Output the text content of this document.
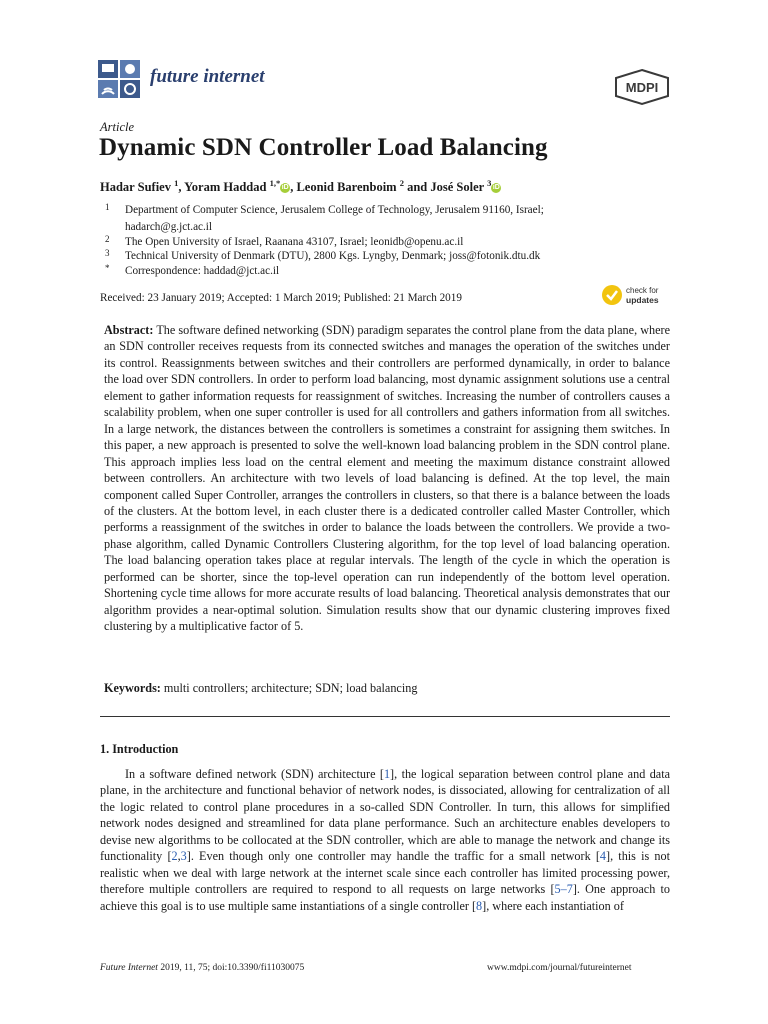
future internet
MDPI
Article
Dynamic SDN Controller Load Balancing
Hadar Sufiev $^1$, Yoram Haddad $^{1,*}$ iD , Leonid Barenboim $^2$ and José Soler $^3$ iD
1 Department of Computer Science, Jerusalem College of Technology, Jerusalem 91160, Israel; hadarch@g.jct.ac.il
2 The Open University of Israel, Raanana 43107, Israel; leonidb@openu.ac.il
3 Technical University of Denmark (DTU), 2800 Kgs. Lyngby, Denmark; joss@fotonik.dtu.dk
* Correspondence: haddad@jct.ac.il
Received: 23 January 2019; Accepted: 1 March 2019; Published: 21 March 2019
check for
updates
Abstract: The software defined networking (SDN) paradigm separates the control plane from the data plane, where an SDN controller receives requests from its connected switches and manages the operation of the switches under its control. Reassignments between switches and their controllers are performed dynamically, in order to balance the load over SDN controllers. In order to perform load balancing, most dynamic assignment solutions use a central element to gather information requests for reassignment of switches. Increasing the number of controllers causes a scalability problem, when one super controller is used for all controllers and gathers information from all switches. In a large network, the distances between the controllers is sometimes a constraint for assigning them switches. In this paper, a new approach is presented to solve the well-known load balancing problem in the SDN control plane. This approach implies less load on the central element and meeting the maximum distance constraint allowed between controllers. An architecture with two levels of load balancing is defined. At the top level, the main component called Super Controller, arranges the controllers in clusters, so that there is a balance between the loads of the clusters. At the bottom level, in each cluster there is a dedicated controller called Master Controller, which performs a reassignment of the switches in order to balance the loads between the controllers. We provide a two-phase algorithm, called Dynamic Controllers Clustering algorithm, for the top level of load balancing operation. The load balancing operation takes place at regular intervals. The length of the cycle in which the operation is performed can be shorter, since the top-level operation can run independently of the bottom level operation. Shortening cycle time allows for more accurate results of load balancing. Theoretical analysis demonstrates that our algorithm provides a near-optimal solution. Simulation results show that our dynamic clustering improves fixed clustering by a multiplicative factor of 5.
Keywords: multi controllers; architecture; SDN; load balancing
1. Introduction
In a software defined network (SDN) architecture [1], the logical separation between control plane and data plane, in the architecture and functional behavior of network nodes, is dissociated, allowing for centralization of all the logic related to control plane procedures in a so-called SDN Controller. In turn, this allows for simplified network nodes designed and streamlined for data plane performance. Such an architecture enables developers to devise new algorithms to be collocated at the SDN controller, which are able to manage the network and change its functionality [2,3]. Even though only one controller may handle the traffic for a small network [4], this is not realistic when we deal with large network at the internet scale since each controller has limited processing power, therefore multiple controllers are required to respond to all requests on large networks [5–7]. One approach to achieve this goal is to use multiple same instantiations of a single controller [8], where each instantiation of
Future Internet 2019, 11, 75; doi:10.3390/fi11030075	www.mdpi.com/journal/futureinternet
